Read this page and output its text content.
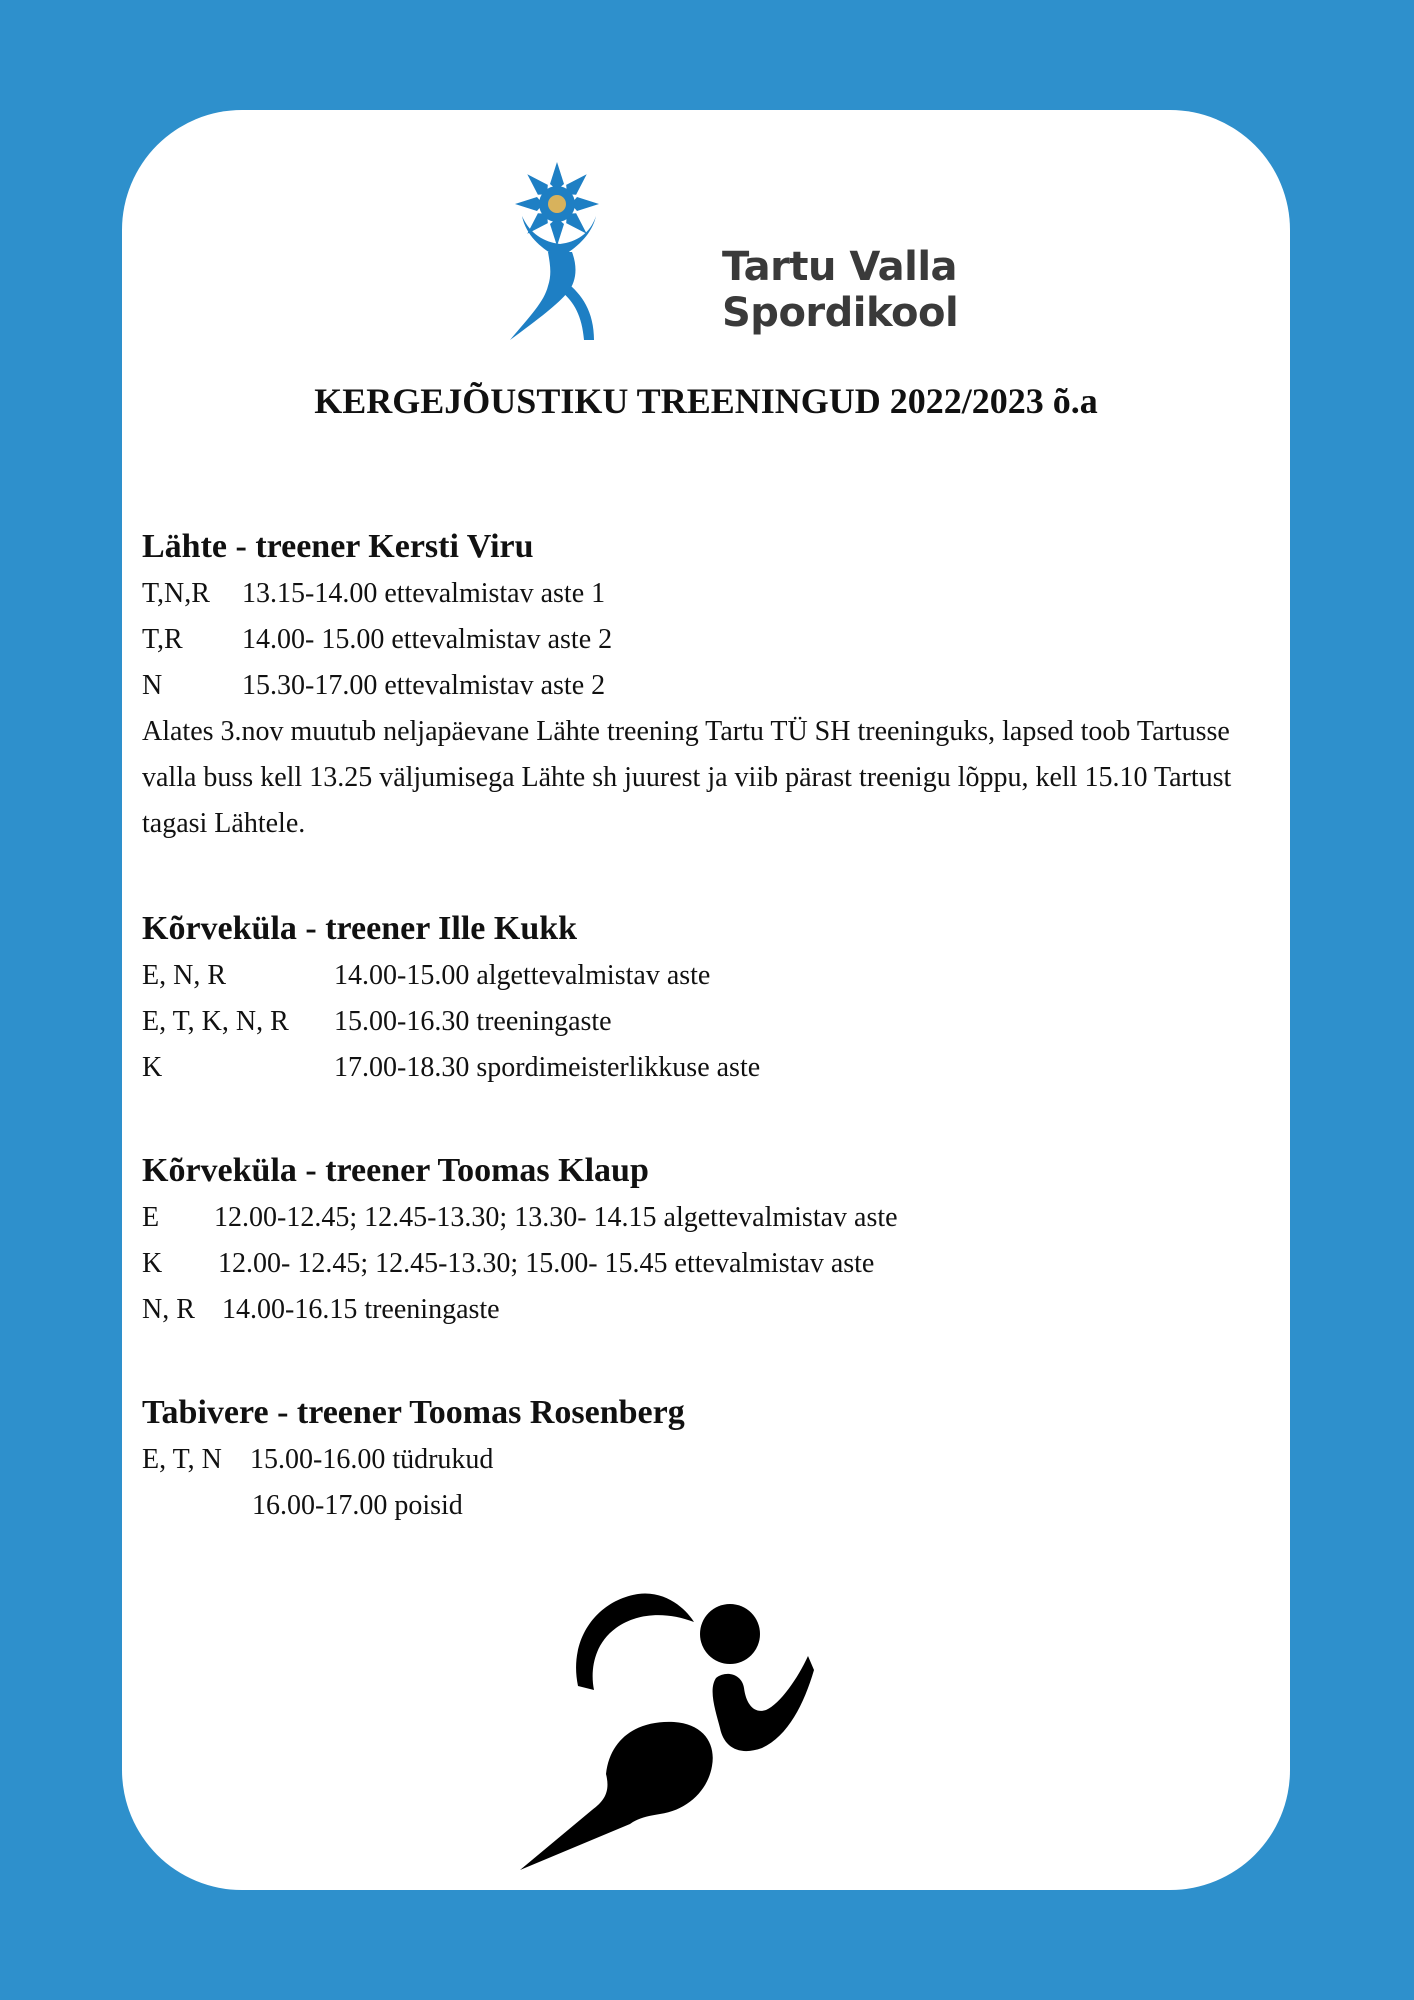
Tartu Valla
Spordikool
KERGEJÕUSTIKU TREENINGUD 2022/2023 õ.a
Lähte - treener Kersti Viru
T,N,R 13.15-14.00 ettevalmistav aste 1
T,R 14.00- 15.00 ettevalmistav aste 2
N	15.30-17.00 ettevalmistav aste 2
Alates 3.nov muutub neljapäevane Lähte treening Tartu TÜ SH treeninguks, lapsed toob Tartusse valla buss kell 13.25 väljumisega Lähte sh juurest ja viib pärast treenigu lõppu, kell 15.10 Tartust tagasi Lähtele.
Kõrveküla - treener Ille Kukk
E, N, R	14.00-15.00 algettevalmistav aste
E, T, K, N, R 15.00-16.30 treeningaste
K	17.00-18.30 spordimeisterlikkuse aste
Kõrveküla - treener Toomas Klaup
E 12.00-12.45; 12.45-13.30; 13.30- 14.15 algettevalmistav aste
K 12.00- 12.45; 12.45-13.30; 15.00- 15.45 ettevalmistav aste
N, R 14.00-16.15 treeningaste
Tabivere - treener Toomas Rosenberg
E, T, N 15.00-16.00 tüdrukud
16.00-17.00 poisid
